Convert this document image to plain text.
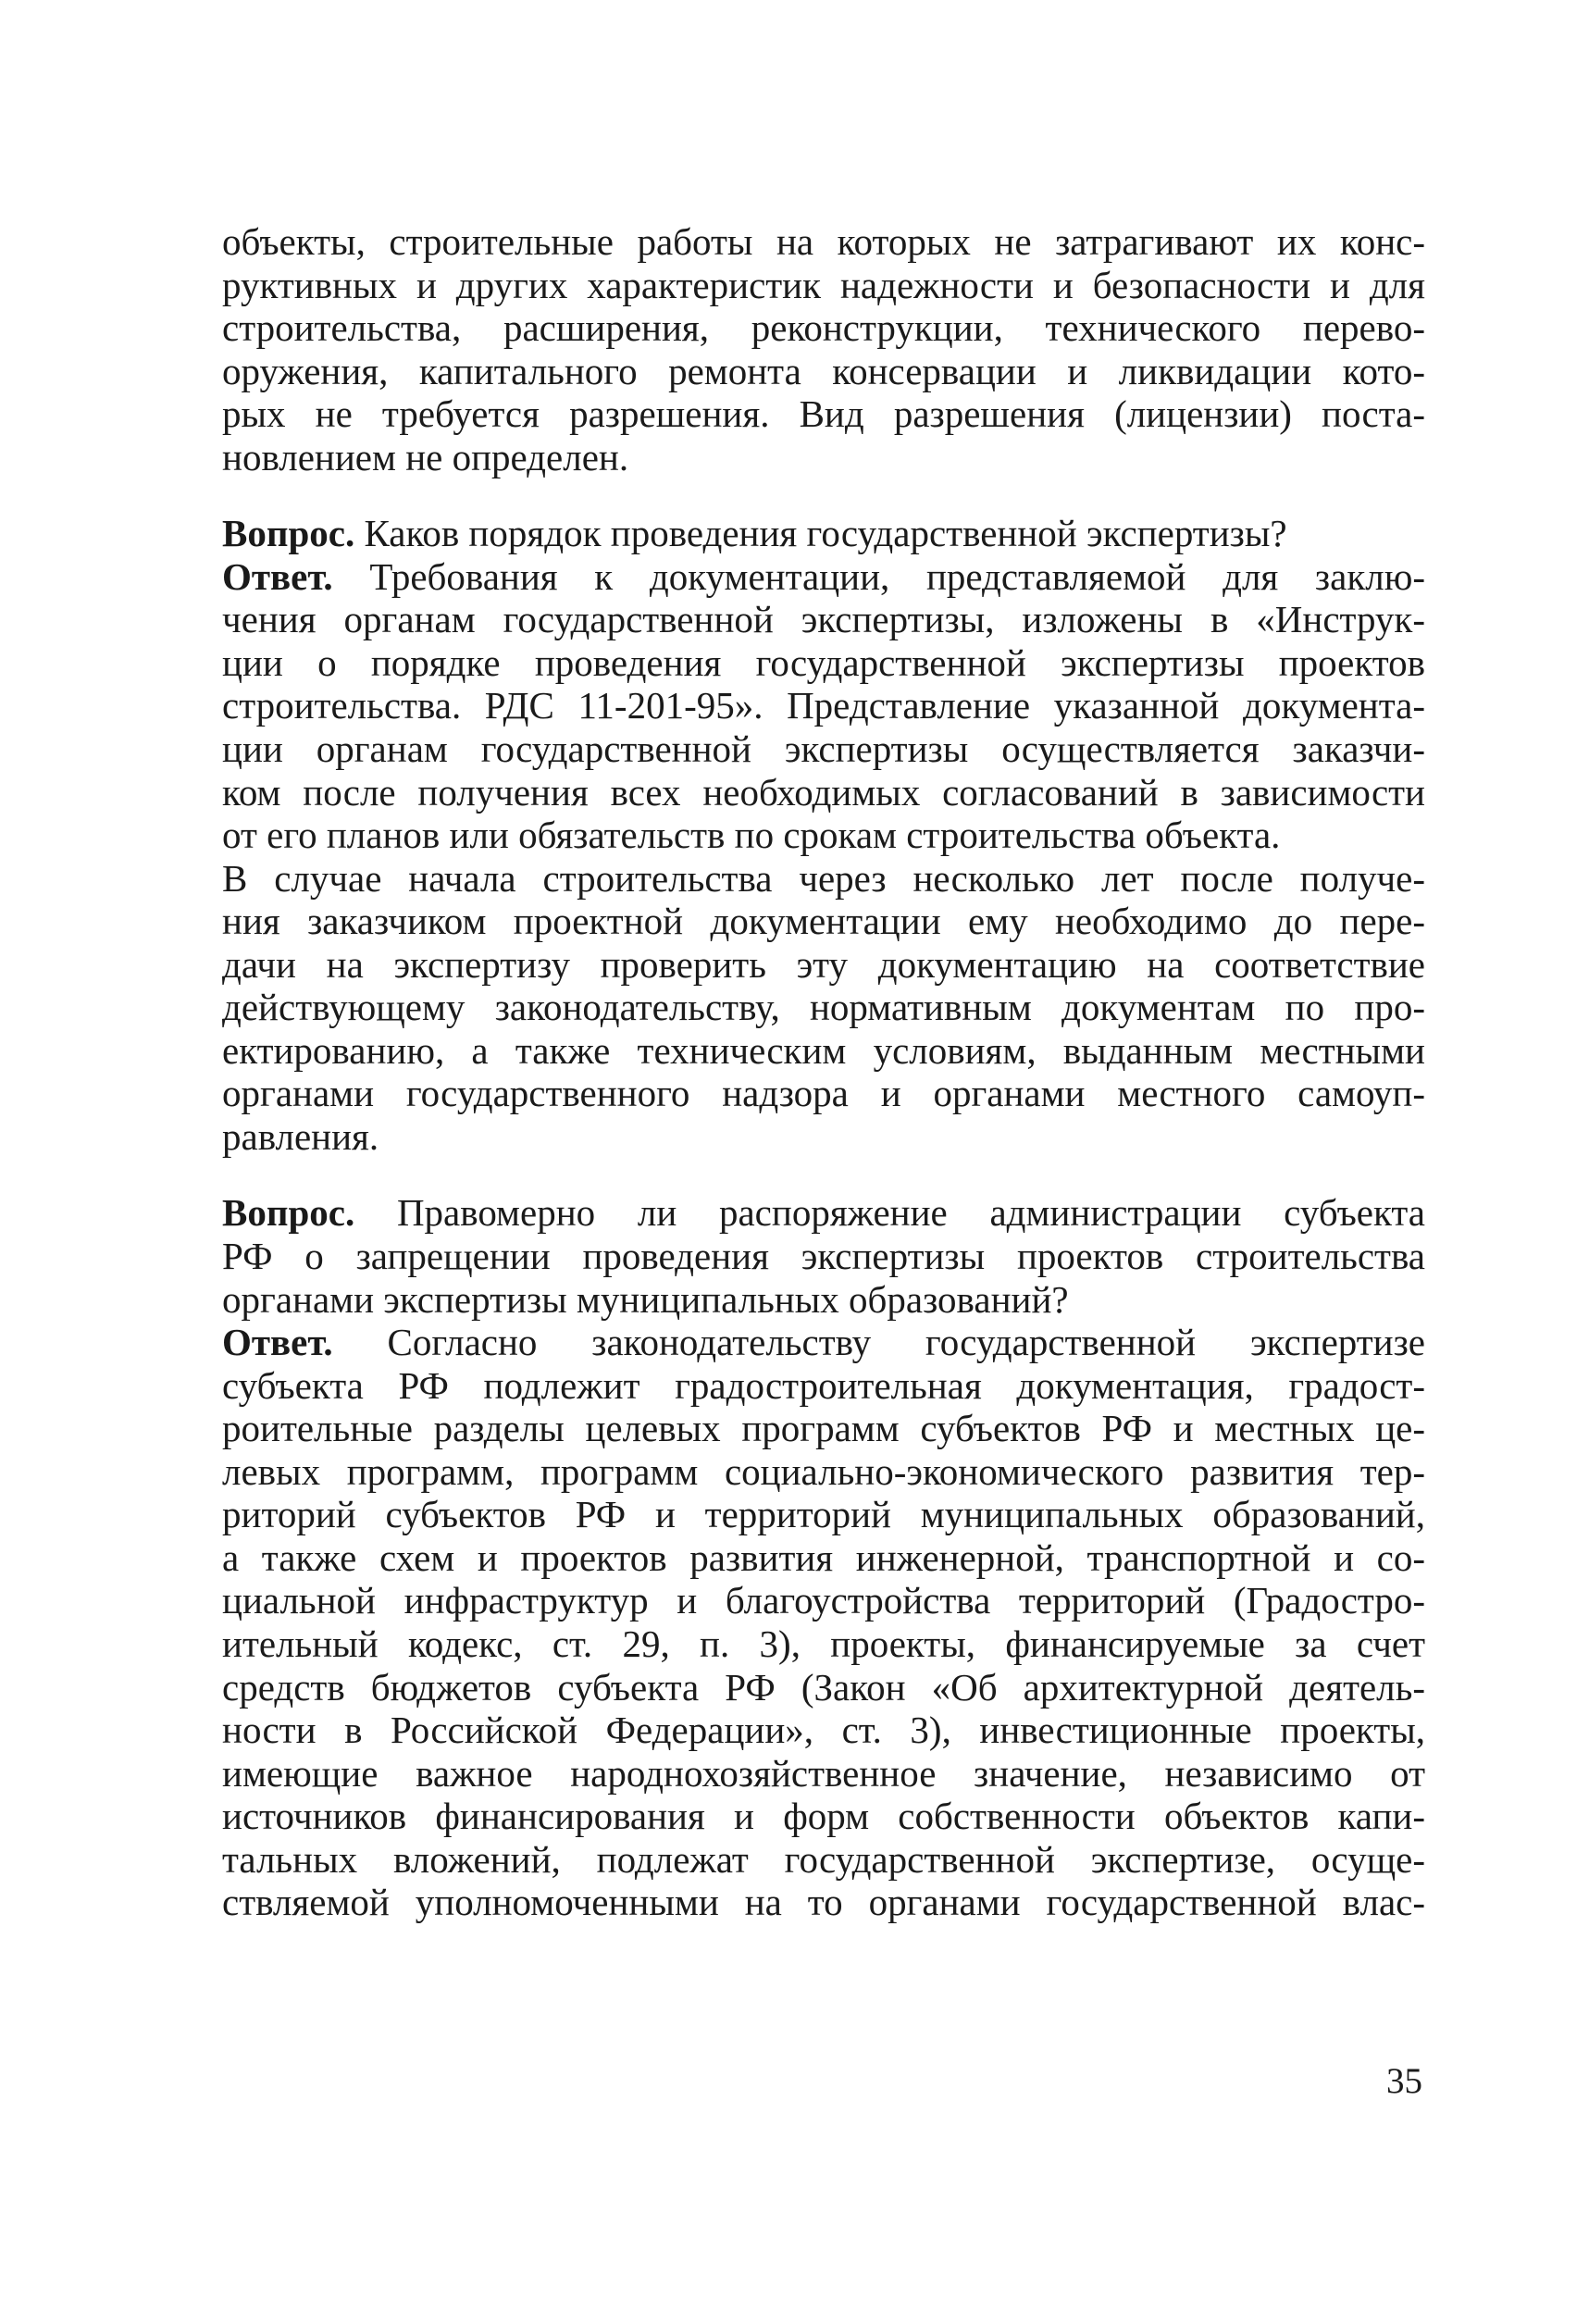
объекты, строительные работы на которых не затрагивают их конс-
руктивных и других характеристик надежности и безопасности и для
строительства, расширения, реконструкции, технического перево-
оружения, капитального ремонта консервации и ликвидации кото-
рых не требуется разрешения. Вид разрешения (лицензии) поста-
новлением не определен.
Вопрос. Каков порядок проведения государственной экспертизы?
Ответ. Требования к документации, представляемой для заклю-
чения органам государственной экспертизы, изложены в «Инструк-
ции о порядке проведения государственной экспертизы проектов
строительства. РДС 11-201-95». Представление указанной документа-
ции органам государственной экспертизы осуществляется заказчи-
ком после получения всех необходимых согласований в зависимости
от его планов или обязательств по срокам строительства объекта.
В случае начала строительства через несколько лет после получе-
ния заказчиком проектной документации ему необходимо до пере-
дачи на экспертизу проверить эту документацию на соответствие
действующему законодательству, нормативным документам по про-
ектированию, а также техническим условиям, выданным местными
органами государственного надзора и органами местного самоуп-
равления.
Вопрос. Правомерно ли распоряжение администрации субъекта
РФ о запрещении проведения экспертизы проектов строительства
органами экспертизы муниципальных образований?
Ответ. Согласно законодательству государственной экспертизе
субъекта РФ подлежит градостроительная документация, градост-
роительные разделы целевых программ субъектов РФ и местных це-
левых программ, программ социально-экономического развития тер-
риторий субъектов РФ и территорий муниципальных образований,
а также схем и проектов развития инженерной, транспортной и со-
циальной инфраструктур и благоустройства территорий (Градостро-
ительный кодекс, ст. 29, п. 3), проекты, финансируемые за счет
средств бюджетов субъекта РФ (Закон «Об архитектурной деятель-
ности в Российской Федерации», ст. 3), инвестиционные проекты,
имеющие важное народнохозяйственное значение, независимо от
источников финансирования и форм собственности объектов капи-
тальных вложений, подлежат государственной экспертизе, осуще-
ствляемой уполномоченными на то органами государственной влас-
35
